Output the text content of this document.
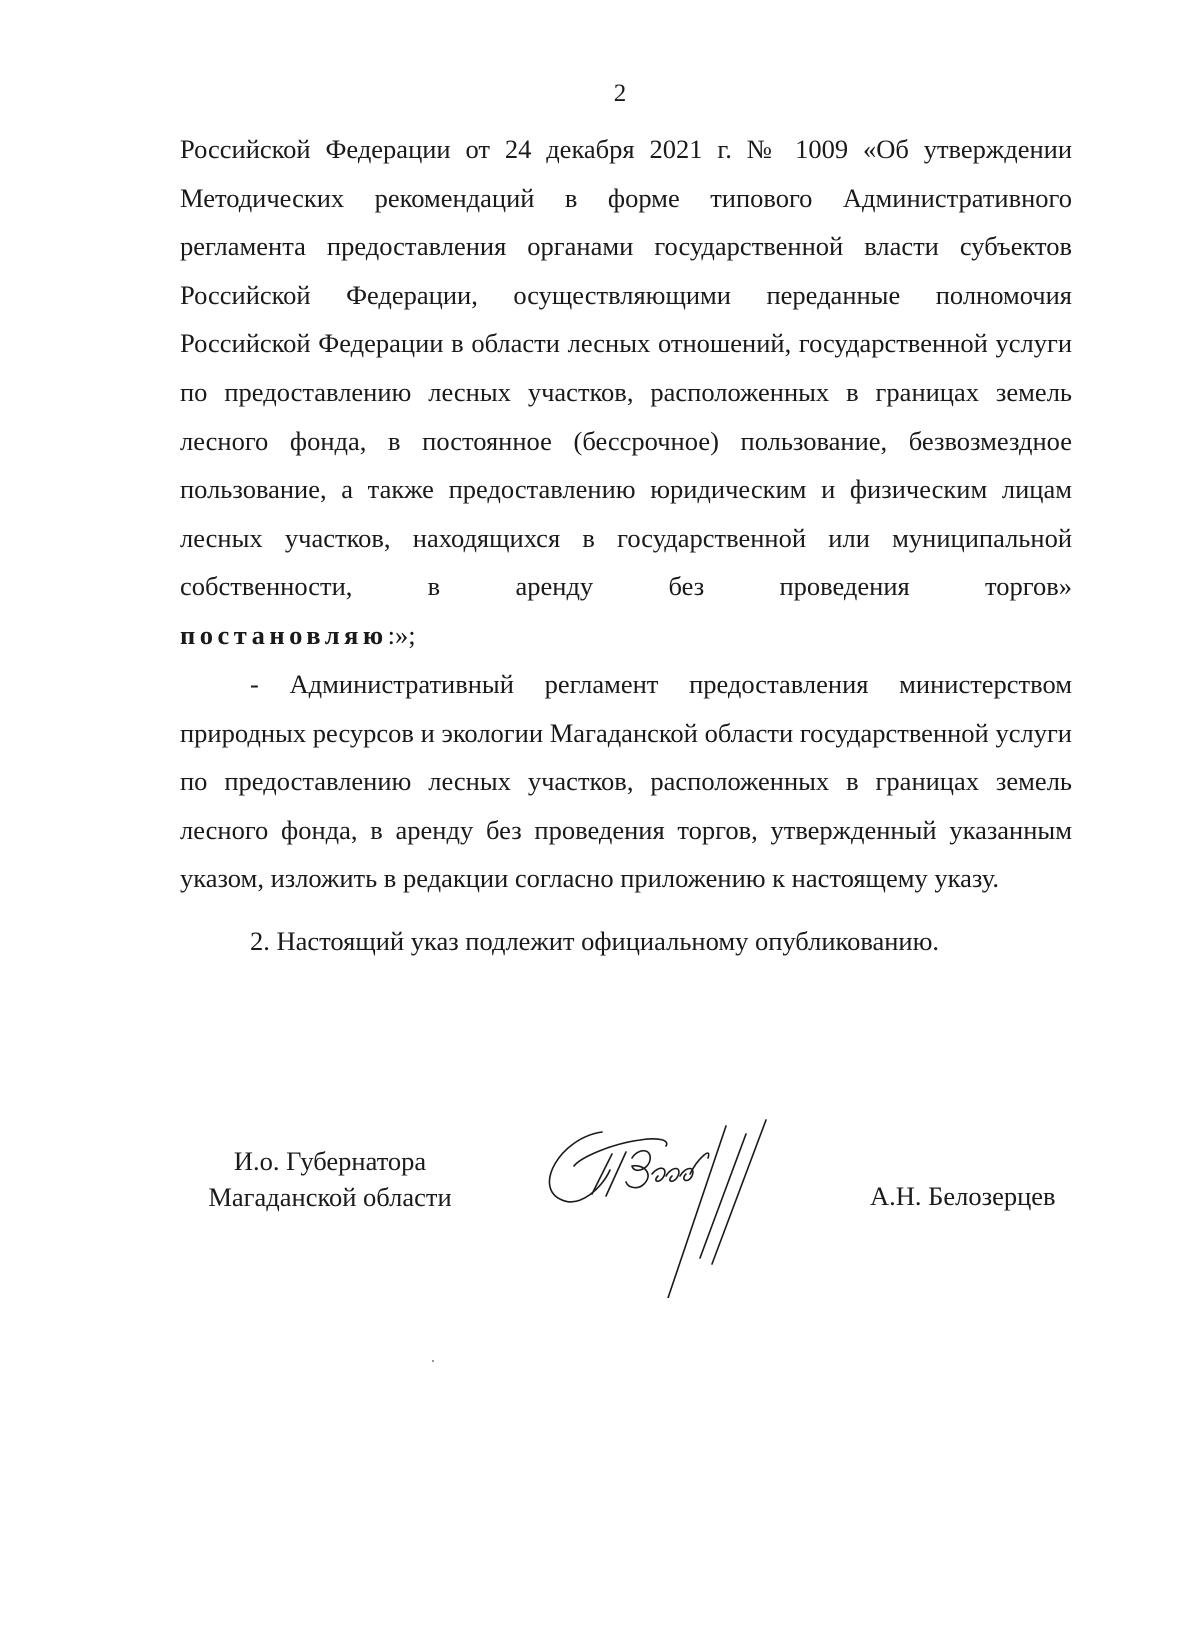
2

Российской Федерации от 24 декабря 2021 г. № 1009 «Об утверждении Методических рекомендаций в форме типового Административного регламента предоставления органами государственной власти субъектов Российской Федерации, осуществляющими переданные полномочия Российской Федерации в области лесных отношений, государственной услуги по предоставлению лесных участков, расположенных в границах земель лесного фонда, в постоянное (бессрочное) пользование, безвозмездное пользование, а также предоставлению юридическим и физическим лицам лесных участков, находящихся в государственной или муниципальной собственности, в аренду без проведения торгов»

постановляю:»;

- Административный регламент предоставления министерством природных ресурсов и экологии Магаданской области государственной услуги по предоставлению лесных участков, расположенных в границах земель лесного фонда, в аренду без проведения торгов, утвержденный указанным указом, изложить в редакции согласно приложению к настоящему указу.

2. Настоящий указ подлежит официальному опубликованию.

И.о. Губернатора
Магаданской области	А.Н. Белозерцев
